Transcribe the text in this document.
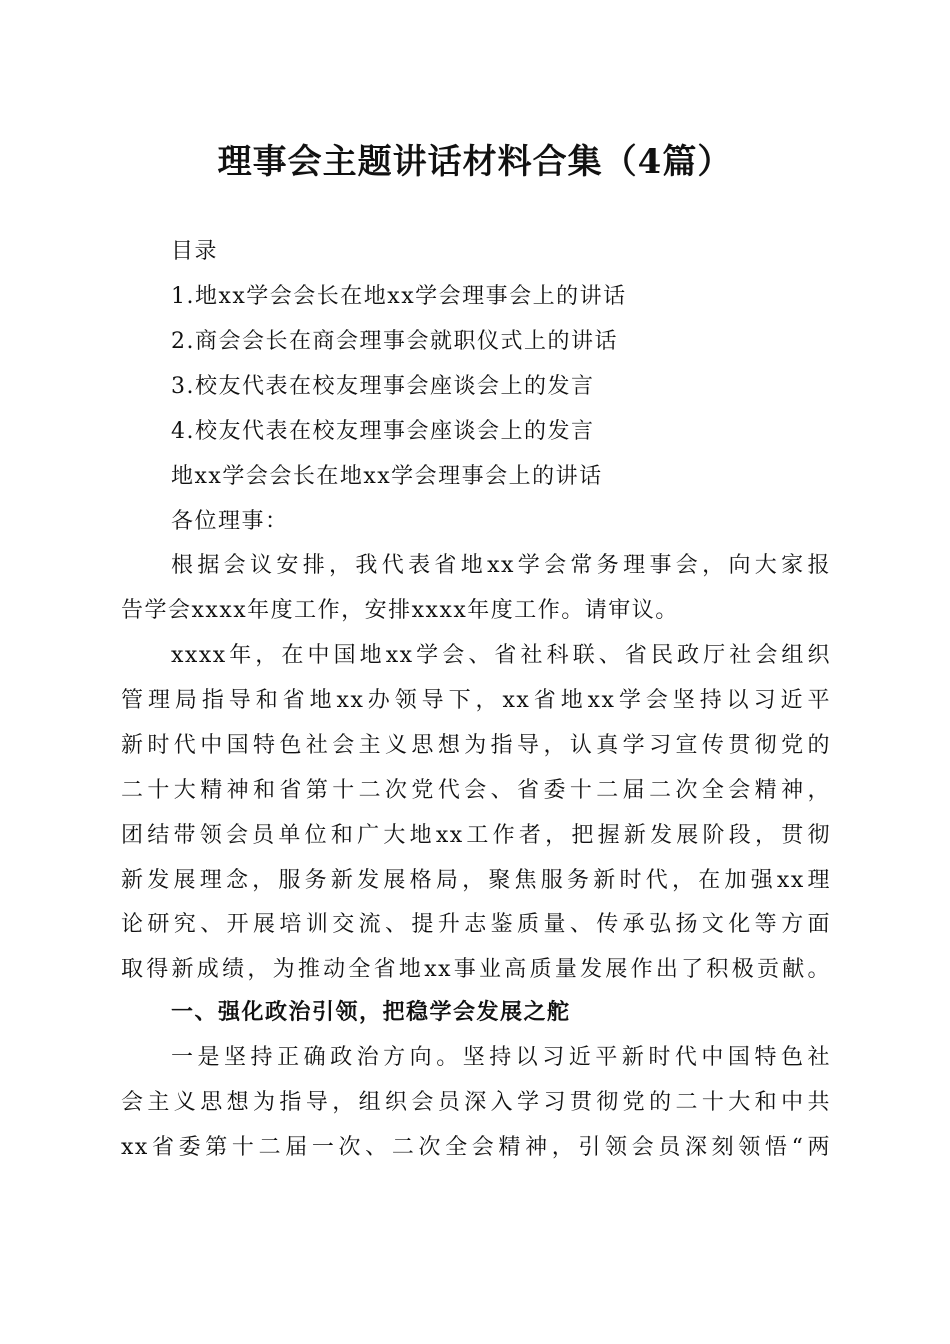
理事会主题讲话材料合集（4篇）
目录
1.地xx学会会长在地xx学会理事会上的讲话
2.商会会长在商会理事会就职仪式上的讲话
3.校友代表在校友理事会座谈会上的发言
4.校友代表在校友理事会座谈会上的发言
地xx学会会长在地xx学会理事会上的讲话
各位理事：
根据会议安排，我代表省地xx学会常务理事会，向大家报
告学会xxxx年度工作，安排xxxx年度工作。请审议。
xxxx年，在中国地xx学会、省社科联、省民政厅社会组织
管理局指导和省地xx办领导下，xx省地xx学会坚持以习近平
新时代中国特色社会主义思想为指导，认真学习宣传贯彻党的
二十大精神和省第十二次党代会、省委十二届二次全会精神，
团结带领会员单位和广大地xx工作者，把握新发展阶段，贯彻
新发展理念，服务新发展格局，聚焦服务新时代，在加强xx理
论研究、开展培训交流、提升志鉴质量、传承弘扬文化等方面
取得新成绩，为推动全省地xx事业高质量发展作出了积极贡献。
一、强化政治引领，把稳学会发展之舵
一是坚持正确政治方向。坚持以习近平新时代中国特色社
会主义思想为指导，组织会员深入学习贯彻党的二十大和中共
xx省委第十二届一次、二次全会精神，引领会员深刻领悟“两
